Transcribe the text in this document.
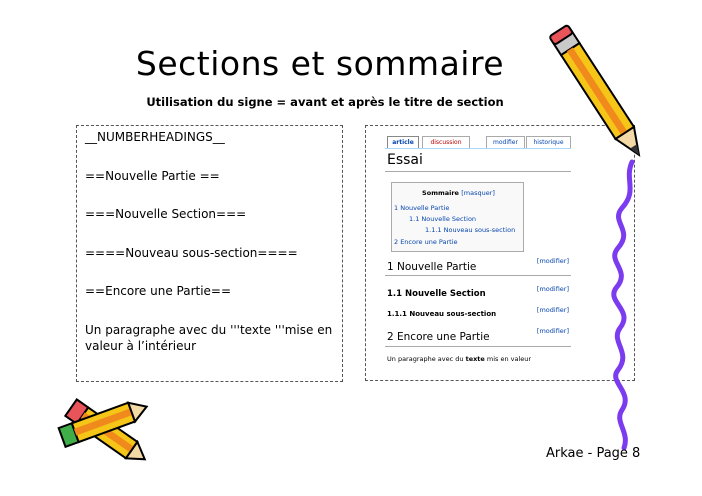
Sections et sommaire
Utilisation du signe = avant et après le titre de section
__NUMBERHEADINGS__
==Nouvelle Partie ==
===Nouvelle Section===
====Nouveau sous-section====
==Encore une Partie==
Un paragraphe avec du '''texte '''mise en valeur à l’intérieur
article	discussion	modifier	historique
Essai
Sommaire [masquer]
1 Nouvelle Partie
1.1 Nouvelle Section
1.1.1 Nouveau sous-section
2 Encore une Partie
1 Nouvelle Partie	[modifier]
1.1 Nouvelle Section	[modifier]
1.1.1 Nouveau sous-section	[modifier]
2 Encore une Partie	[modifier]
Un paragraphe avec du texte mis en valeur
Arkae - Page 8
